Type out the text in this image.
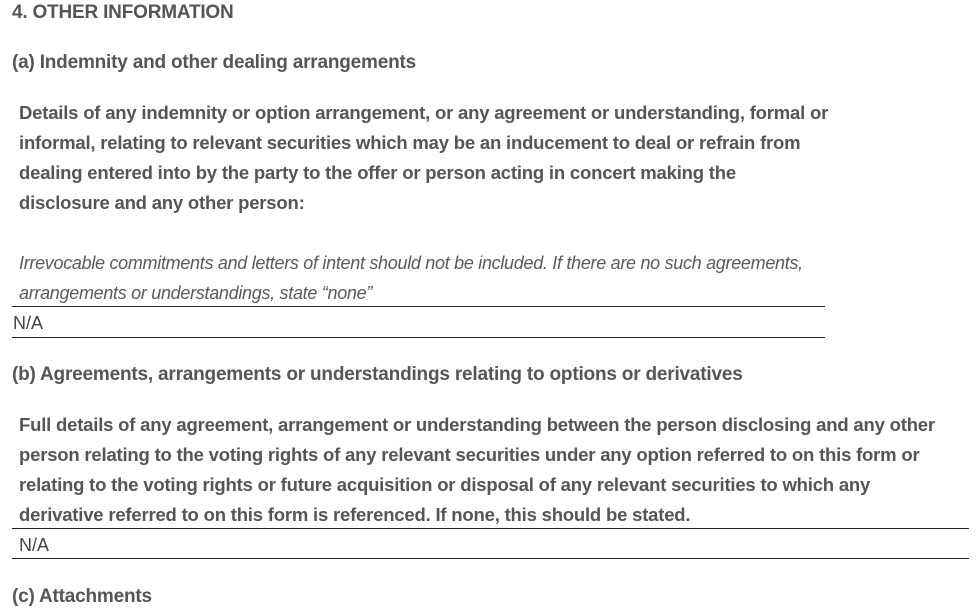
4. OTHER INFORMATION
(a) Indemnity and other dealing arrangements
Details of any indemnity or option arrangement, or any agreement or understanding, formal or informal, relating to relevant securities which may be an inducement to deal or refrain from dealing entered into by the party to the offer or person acting in concert making the disclosure and any other person:
Irrevocable commitments and letters of intent should not be included. If there are no such agreements, arrangements or understandings, state “none”
N/A
(b) Agreements, arrangements or understandings relating to options or derivatives
Full details of any agreement, arrangement or understanding between the person disclosing and any other person relating to the voting rights of any relevant securities under any option referred to on this form or relating to the voting rights or future acquisition or disposal of any relevant securities to which any derivative referred to on this form is referenced. If none, this should be stated.
N/A
(c) Attachments
